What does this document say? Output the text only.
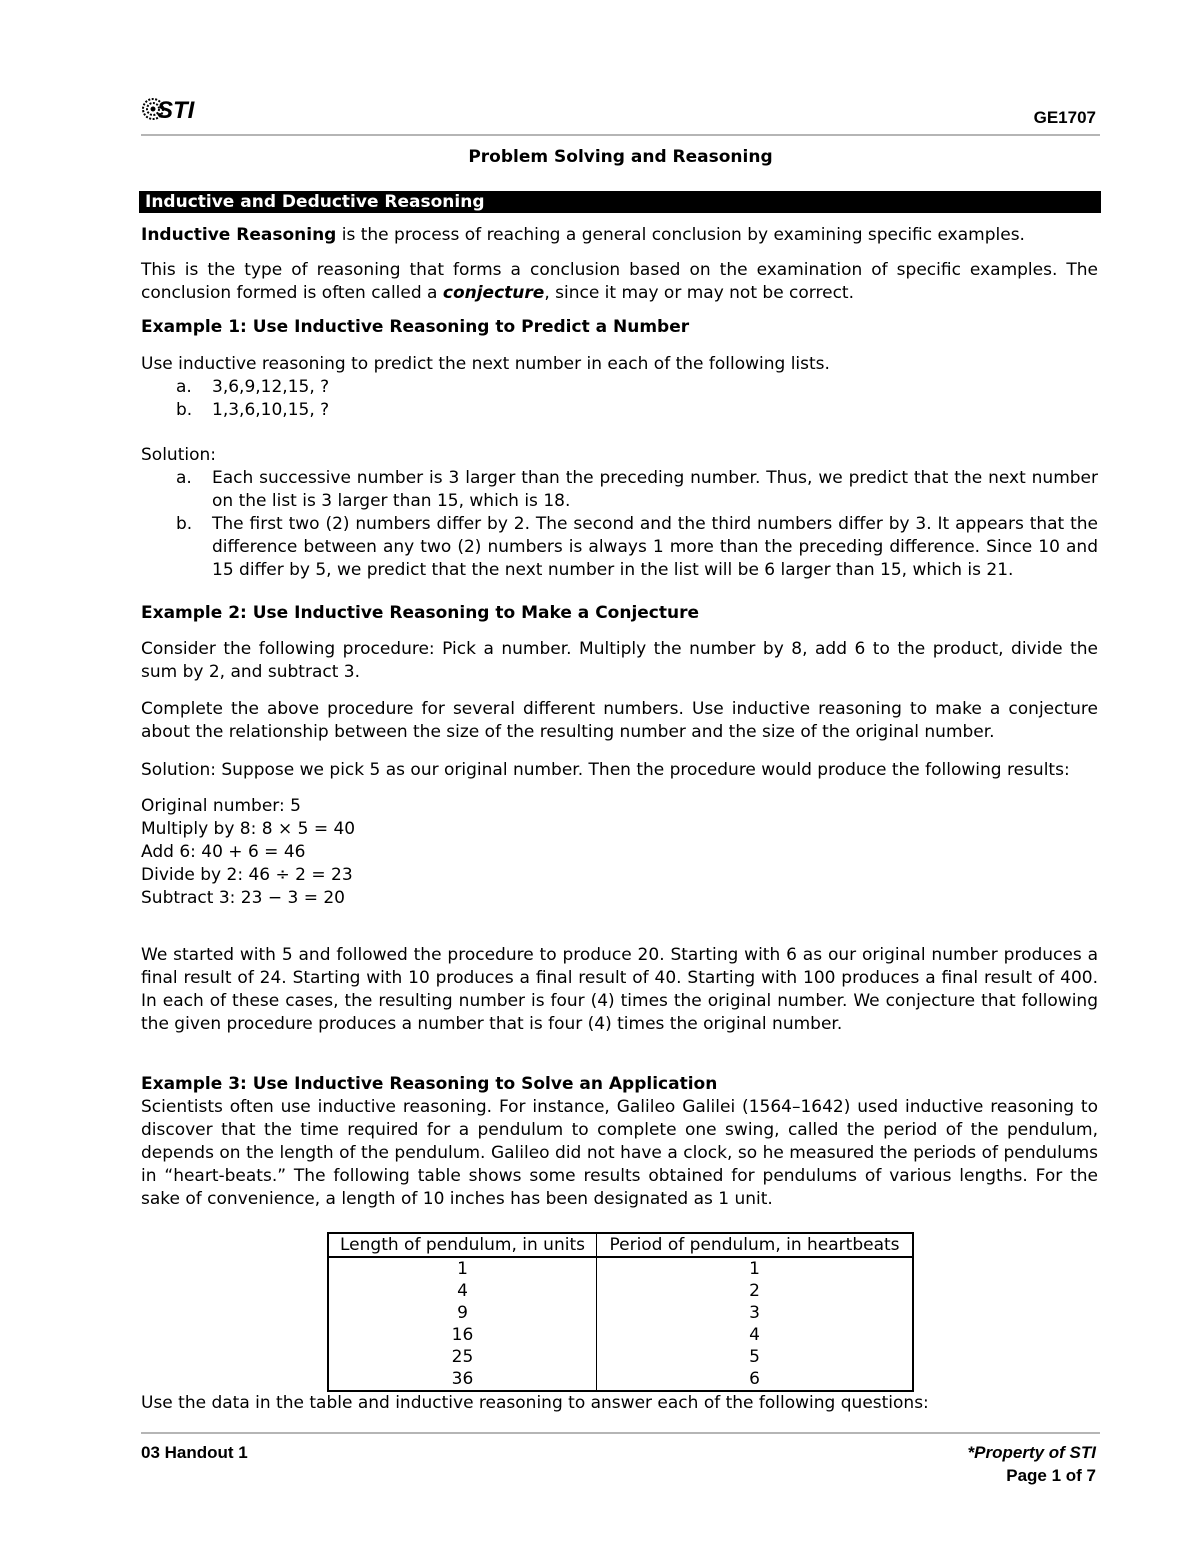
STI	GE1707
Problem Solving and Reasoning
Inductive and Deductive Reasoning

Inductive Reasoning is the process of reaching a general conclusion by examining specific examples.

This is the type of reasoning that forms a conclusion based on the examination of specific examples. The conclusion formed is often called a conjecture, since it may or may not be correct.

Example 1: Use Inductive Reasoning to Predict a Number

Use inductive reasoning to predict the next number in each of the following lists.

a. 3,6,9,12,15, ?
b. 1,3,6,10,15, ?

Solution:

a. Each successive number is 3 larger than the preceding number. Thus, we predict that the next number on the list is 3 larger than 15, which is 18.
b. The first two (2) numbers differ by 2. The second and the third numbers differ by 3. It appears that the difference between any two (2) numbers is always 1 more than the preceding difference. Since 10 and 15 differ by 5, we predict that the next number in the list will be 6 larger than 15, which is 21.

Example 2: Use Inductive Reasoning to Make a Conjecture

Consider the following procedure: Pick a number. Multiply the number by 8, add 6 to the product, divide the sum by 2, and subtract 3.

Complete the above procedure for several different numbers. Use inductive reasoning to make a conjecture about the relationship between the size of the resulting number and the size of the original number.

Solution: Suppose we pick 5 as our original number. Then the procedure would produce the following results:

Original number: 5

Multiply by 8: 8 × 5 = 40

Add 6: 40 + 6 = 46

Divide by 2: 46 ÷ 2 = 23

Subtract 3: 23 − 3 = 20

We started with 5 and followed the procedure to produce 20. Starting with 6 as our original number produces a final result of 24. Starting with 10 produces a final result of 40. Starting with 100 produces a final result of 400. In each of these cases, the resulting number is four (4) times the original number. We conjecture that following the given procedure produces a number that is four (4) times the original number.

Example 3: Use Inductive Reasoning to Solve an Application

Scientists often use inductive reasoning. For instance, Galileo Galilei (1564–1642) used inductive reasoning to discover that the time required for a pendulum to complete one swing, called the period of the pendulum, depends on the length of the pendulum. Galileo did not have a clock, so he measured the periods of pendulums in “heart-beats.” The following table shows some results obtained for pendulums of various lengths. For the sake of convenience, a length of 10 inches has been designated as 1 unit.

Length of pendulum, in units	Period of pendulum, in heartbeats
1	1
4	2
9	3
16	4
25	5
36	6

Use the data in the table and inductive reasoning to answer each of the following questions:

03 Handout 1	*Property of STI
Page 1 of 7
